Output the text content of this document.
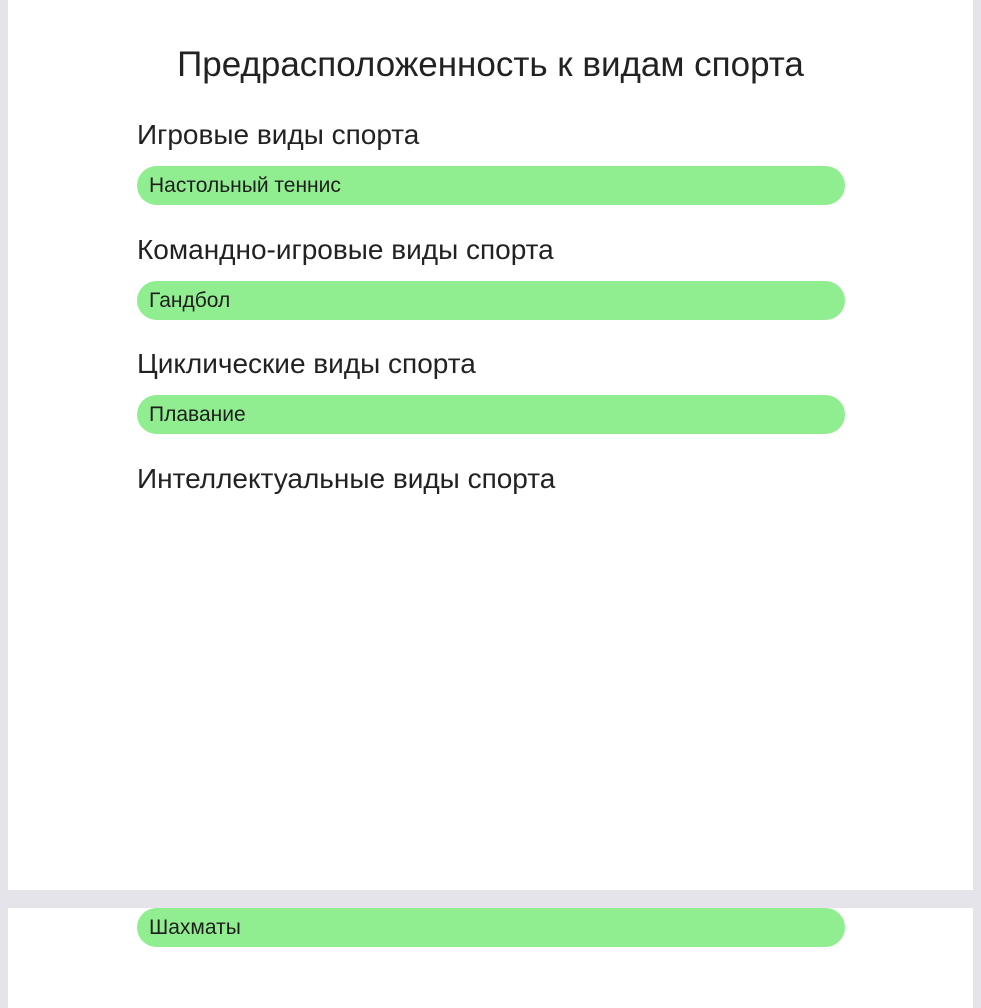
Предрасположенность к видам спорта
Игровые виды спорта
Настольный теннис
Командно-игровые виды спорта
Гандбол
Циклические виды спорта
Плавание
Интеллектуальные виды спорта
Шахматы
